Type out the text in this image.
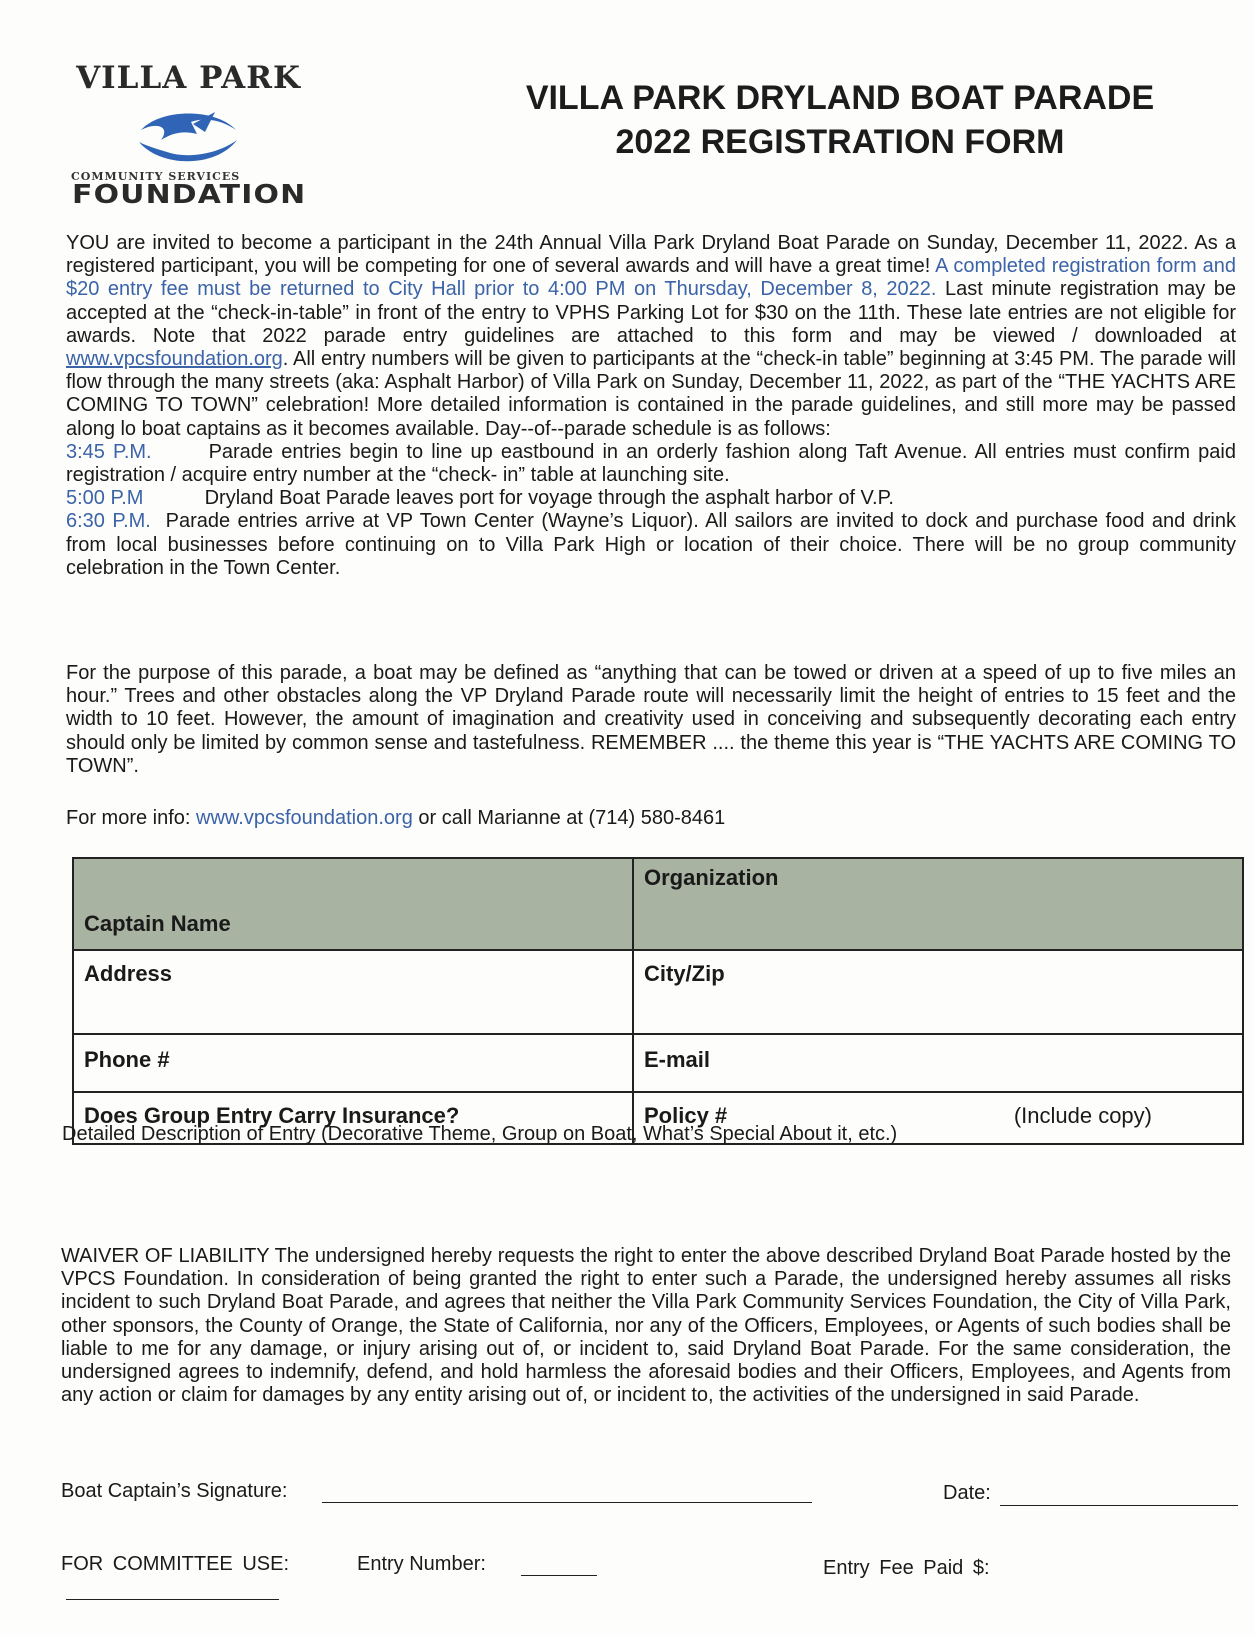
VILLA PARK
COMMUNITY SERVICES
FOUNDATION
VILLA PARK DRYLAND BOAT PARADE
2022 REGISTRATION FORM

YOU are invited to become a participant in the 24th Annual Villa Park Dryland Boat Parade on Sunday, December 11, 2022. As a registered participant, you will be competing for one of several awards and will have a great time! A completed registration form and $20 entry fee must be returned to City Hall prior to 4:00 PM on Thursday, December 8, 2022. Last minute registration may be accepted at the “check-in-table” in front of the entry to VPHS Parking Lot for $30 on the 11th. These late entries are not eligible for awards. Note that 2022 parade entry guidelines are attached to this form and may be viewed / downloaded at www.vpcsfoundation.org. All entry numbers will be given to participants at the “check-in table” beginning at 3:45 PM. The parade will flow through the many streets (aka: Asphalt Harbor) of Villa Park on Sunday, December 11, 2022, as part of the “THE YACHTS ARE COMING TO TOWN” celebration! More detailed information is contained in the parade guidelines, and still more may be passed along lo boat captains as it becomes available. Day--of--parade schedule is as follows:

3:45 P.M.	Parade entries begin to line up eastbound in an orderly fashion along Taft Avenue. All entries must confirm paid registration / acquire entry number at the “check- in” table at launching site.

5:00 P.M	Dryland Boat Parade leaves port for voyage through the asphalt harbor of V.P.

6:30 P.M. Parade entries arrive at VP Town Center (Wayne’s Liquor). All sailors are invited to dock and purchase food and drink from local businesses before continuing on to Villa Park High or location of their choice. There will be no group community celebration in the Town Center.

For the purpose of this parade, a boat may be defined as “anything that can be towed or driven at a speed of up to five miles an hour.” Trees and other obstacles along the VP Dryland Parade route will necessarily limit the height of entries to 15 feet and the width to 10 feet. However, the amount of imagination and creativity used in conceiving and subsequently decorating each entry should only be limited by common sense and tastefulness. REMEMBER .... the theme this year is “THE YACHTS ARE COMING TO TOWN”.
For more info: www.vpcsfoundation.org or call Marianne at (714) 580-8461
Captain Name	Organization
Address	City/Zip
Phone #	E-mail
Does Group Entry Carry Insurance?	Policy # (Include copy)
Detailed Description of Entry (Decorative Theme, Group on Boat, What’s Special About it, etc.)
WAIVER OF LIABILITY The undersigned hereby requests the right to enter the above described Dryland Boat Parade hosted by the VPCS Foundation. In consideration of being granted the right to enter such a Parade, the undersigned hereby assumes all risks incident to such Dryland Boat Parade, and agrees that neither the Villa Park Community Services Foundation, the City of Villa Park, other sponsors, the County of Orange, the State of California, nor any of the Officers, Employees, or Agents of such bodies shall be liable to me for any damage, or injury arising out of, or incident to, said Dryland Boat Parade. For the same consideration, the undersigned agrees to indemnify, defend, and hold harmless the aforesaid bodies and their Officers, Employees, and Agents from any action or claim for damages by any entity arising out of, or incident to, the activities of the undersigned in said Parade.
Boat Captain’s Signature:	Date:
FOR COMMITTEE USE:	Entry Number:	Entry Fee Paid $:
